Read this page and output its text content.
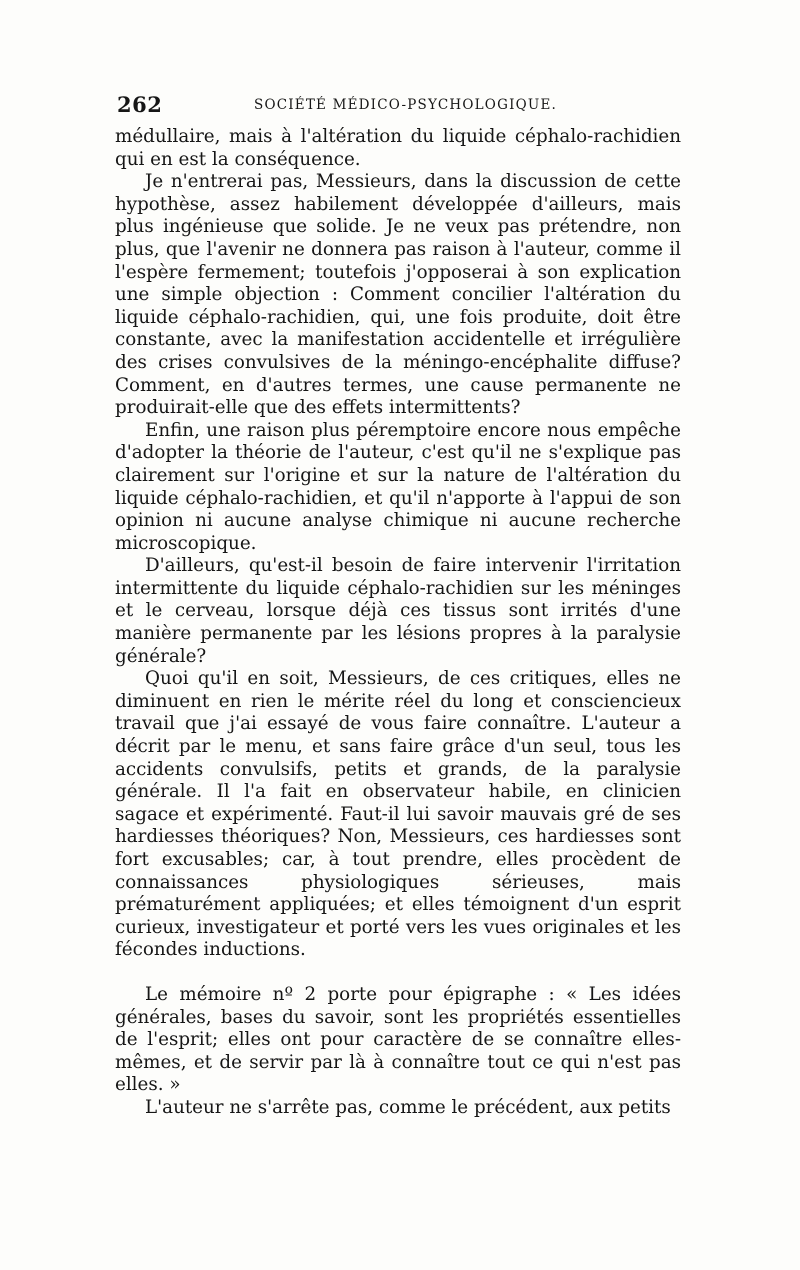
262	SOCIÉTÉ MÉDICO-PSYCHOLOGIQUE.

médullaire, mais à l'altération du liquide céphalo-rachidien qui en est la conséquence.

Je n'entrerai pas, Messieurs, dans la discussion de cette hypothèse, assez habilement développée d'ailleurs, mais plus ingénieuse que solide. Je ne veux pas prétendre, non plus, que l'avenir ne donnera pas raison à l'auteur, comme il l'espère fermement; toutefois j'opposerai à son explication une simple objection : Comment concilier l'altération du liquide céphalo-rachidien, qui, une fois produite, doit être constante, avec la manifestation accidentelle et irrégulière des crises convulsives de la méningo-encéphalite diffuse? Comment, en d'autres termes, une cause permanente ne produirait-elle que des effets intermittents?

Enfin, une raison plus péremptoire encore nous empêche d'adopter la théorie de l'auteur, c'est qu'il ne s'explique pas clairement sur l'origine et sur la nature de l'altération du liquide céphalo-rachidien, et qu'il n'apporte à l'appui de son opinion ni aucune analyse chimique ni aucune recherche microscopique.

D'ailleurs, qu'est-il besoin de faire intervenir l'irritation intermittente du liquide céphalo-rachidien sur les méninges et le cerveau, lorsque déjà ces tissus sont irrités d'une manière permanente par les lésions propres à la paralysie générale?

Quoi qu'il en soit, Messieurs, de ces critiques, elles ne diminuent en rien le mérite réel du long et consciencieux travail que j'ai essayé de vous faire connaître. L'auteur a décrit par le menu, et sans faire grâce d'un seul, tous les accidents convulsifs, petits et grands, de la paralysie générale. Il l'a fait en observateur habile, en clinicien sagace et expérimenté. Faut-il lui savoir mauvais gré de ses hardiesses théoriques? Non, Messieurs, ces hardiesses sont fort excusables; car, à tout prendre, elles procèdent de connaissances physiologiques sérieuses, mais prématurément appliquées; et elles témoignent d'un esprit curieux, investigateur et porté vers les vues originales et les fécondes inductions.

Le mémoire nº 2 porte pour épigraphe : « Les idées générales, bases du savoir, sont les propriétés essentielles de l'esprit; elles ont pour caractère de se connaître elles-mêmes, et de servir par là à connaître tout ce qui n'est pas elles. »

L'auteur ne s'arrête pas, comme le précédent, aux petits
